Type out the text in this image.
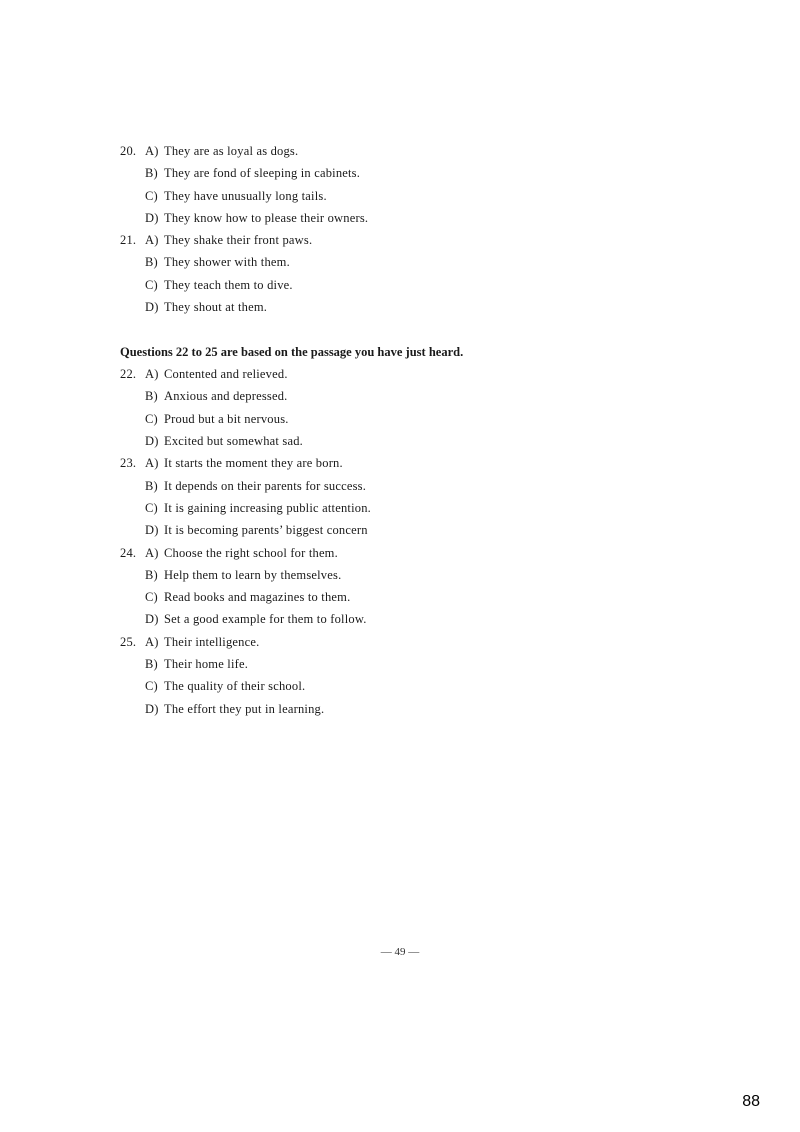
20. A) They are as loyal as dogs.
B) They are fond of sleeping in cabinets.
C) They have unusually long tails.
D) They know how to please their owners.
21. A) They shake their front paws.
B) They shower with them.
C) They teach them to dive.
D) They shout at them.
Questions 22 to 25 are based on the passage you have just heard.
22. A) Contented and relieved.
B) Anxious and depressed.
C) Proud but a bit nervous.
D) Excited but somewhat sad.
23. A) It starts the moment they are born.
B) It depends on their parents for success.
C) It is gaining increasing public attention.
D) It is becoming parents’ biggest concern
24. A) Choose the right school for them.
B) Help them to learn by themselves.
C) Read books and magazines to them.
D) Set a good example for them to follow.
25. A) Their intelligence.
B) Their home life.
C) The quality of their school.
D) The effort they put in learning.
— 49 —
88
